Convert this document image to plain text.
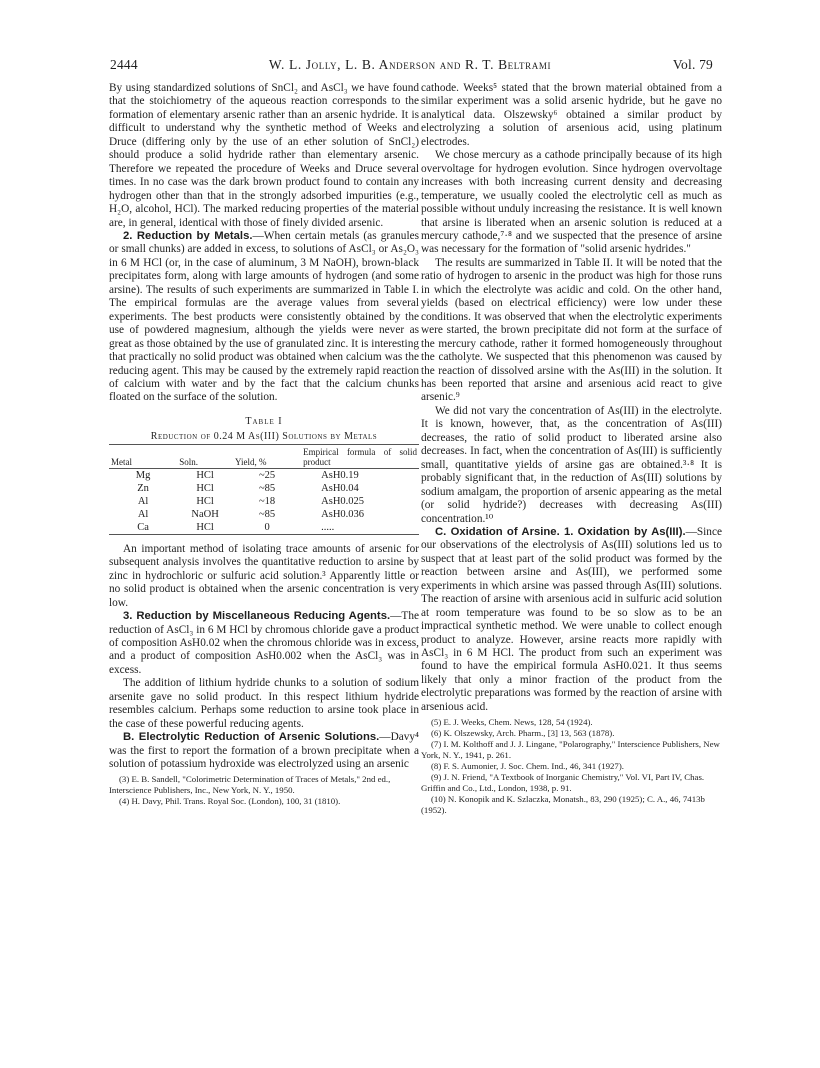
2444	W. L. Jolly, L. B. Anderson and R. T. Beltrami	Vol. 79

By using standardized solutions of SnCl₂ and AsCl₃ we have found that the stoichiometry of the aqueous reaction corresponds to the formation of elementary arsenic rather than an arsenic hydride. It is difficult to understand why the synthetic method of Weeks and Druce (differing only by the use of an ether solution of SnCl₂) should produce a solid hydride rather than elementary arsenic. Therefore we repeated the procedure of Weeks and Druce several times. In no case was the dark brown product found to contain any hydrogen other than that in the strongly adsorbed impurities (e.g., H₂O, alcohol, HCl). The marked reducing properties of the material are, in general, identical with those of finely divided arsenic.

2. Reduction by Metals.—When certain metals (as granules or small chunks) are added in excess, to solutions of AsCl₃ or As₂O₃ in 6 M HCl (or, in the case of aluminum, 3 M NaOH), brown-black precipitates form, along with large amounts of hydrogen (and some arsine). The results of such experiments are summarized in Table I. The empirical formulas are the average values from several experiments. The best products were consistently obtained by the use of powdered magnesium, although the yields were never as great as those obtained by the use of granulated zinc. It is interesting that practically no solid product was obtained when calcium was the reducing agent. This may be caused by the extremely rapid reaction of calcium with water and by the fact that the calcium chunks floated on the surface of the solution.

Table I
Reduction of 0.24 M As(III) Solutions by Metals
Metal	Soln.	Yield, %	Empirical formula of solid product
Mg	HCl	~25	AsH0.19
Zn	HCl	~85	AsH0.04
Al	HCl	~18	AsH0.025
Al	NaOH	~85	AsH0.036
Ca	HCl	0	.....

An important method of isolating trace amounts of arsenic for subsequent analysis involves the quantitative reduction to arsine by zinc in hydrochloric or sulfuric acid solution.³ Apparently little or no solid product is obtained when the arsenic concentration is very low.

3. Reduction by Miscellaneous Reducing Agents.—The reduction of AsCl₃ in 6 M HCl by chromous chloride gave a product of composition AsH0.02 when the chromous chloride was in excess, and a product of composition AsH0.002 when the AsCl₃ was in excess.

The addition of lithium hydride chunks to a solution of sodium arsenite gave no solid product. In this respect lithium hydride resembles calcium. Perhaps some reduction to arsine took place in the case of these powerful reducing agents.

B. Electrolytic Reduction of Arsenic Solutions.—Davy⁴ was the first to report the formation of a brown precipitate when a solution of potassium hydroxide was electrolyzed using an arsenic

(3) E. B. Sandell, "Colorimetric Determination of Traces of Metals," 2nd ed., Interscience Publishers, Inc., New York, N. Y., 1950.
(4) H. Davy, Phil. Trans. Royal Soc. (London), 100, 31 (1810).

cathode. Weeks⁵ stated that the brown material obtained from a similar experiment was a solid arsenic hydride, but he gave no analytical data. Olszewsky⁶ obtained a similar product by electrolyzing a solution of arsenious acid, using platinum electrodes.

We chose mercury as a cathode principally because of its high overvoltage for hydrogen evolution. Since hydrogen overvoltage increases with both increasing current density and decreasing temperature, we usually cooled the electrolytic cell as much as possible without unduly increasing the resistance. It is well known that arsine is liberated when an arsenic solution is reduced at a mercury cathode,⁷·⁸ and we suspected that the presence of arsine was necessary for the formation of "solid arsenic hydrides."

The results are summarized in Table II. It will be noted that the ratio of hydrogen to arsenic in the product was high for those runs in which the electrolyte was acidic and cold. On the other hand, yields (based on electrical efficiency) were low under these conditions. It was observed that when the electrolytic experiments were started, the brown precipitate did not form at the surface of the mercury cathode, rather it formed homogeneously throughout the catholyte. We suspected that this phenomenon was caused by the reaction of dissolved arsine with the As(III) in the solution. It has been reported that arsine and arsenious acid react to give arsenic.⁹

We did not vary the concentration of As(III) in the electrolyte. It is known, however, that, as the concentration of As(III) decreases, the ratio of solid product to liberated arsine also decreases. In fact, when the concentration of As(III) is sufficiently small, quantitative yields of arsine gas are obtained.³·⁸ It is probably significant that, in the reduction of As(III) solutions by sodium amalgam, the proportion of arsenic appearing as the metal (or solid hydride?) decreases with decreasing As(III) concentration.¹⁰

C. Oxidation of Arsine. 1. Oxidation by As(III).—Since our observations of the electrolysis of As(III) solutions led us to suspect that at least part of the solid product was formed by the reaction between arsine and As(III), we performed some experiments in which arsine was passed through As(III) solutions. The reaction of arsine with arsenious acid in sulfuric acid solution at room temperature was found to be so slow as to be an impractical synthetic method. We were unable to collect enough product to analyze. However, arsine reacts more rapidly with AsCl₃ in 6 M HCl. The product from such an experiment was found to have the empirical formula AsH0.021. It thus seems likely that only a minor fraction of the product from the electrolytic preparations was formed by the reaction of arsine with arsenious acid.

(5) E. J. Weeks, Chem. News, 128, 54 (1924).
(6) K. Olszewsky, Arch. Pharm., [3] 13, 563 (1878).
(7) I. M. Kolthoff and J. J. Lingane, "Polarography," Interscience Publishers, New York, N. Y., 1941, p. 261.
(8) F. S. Aumonier, J. Soc. Chem. Ind., 46, 341 (1927).
(9) J. N. Friend, "A Textbook of Inorganic Chemistry," Vol. VI, Part IV, Chas. Griffin and Co., Ltd., London, 1938, p. 91.
(10) N. Konopik and K. Szlaczka, Monatsh., 83, 290 (1925); C. A., 46, 7413b (1952).
